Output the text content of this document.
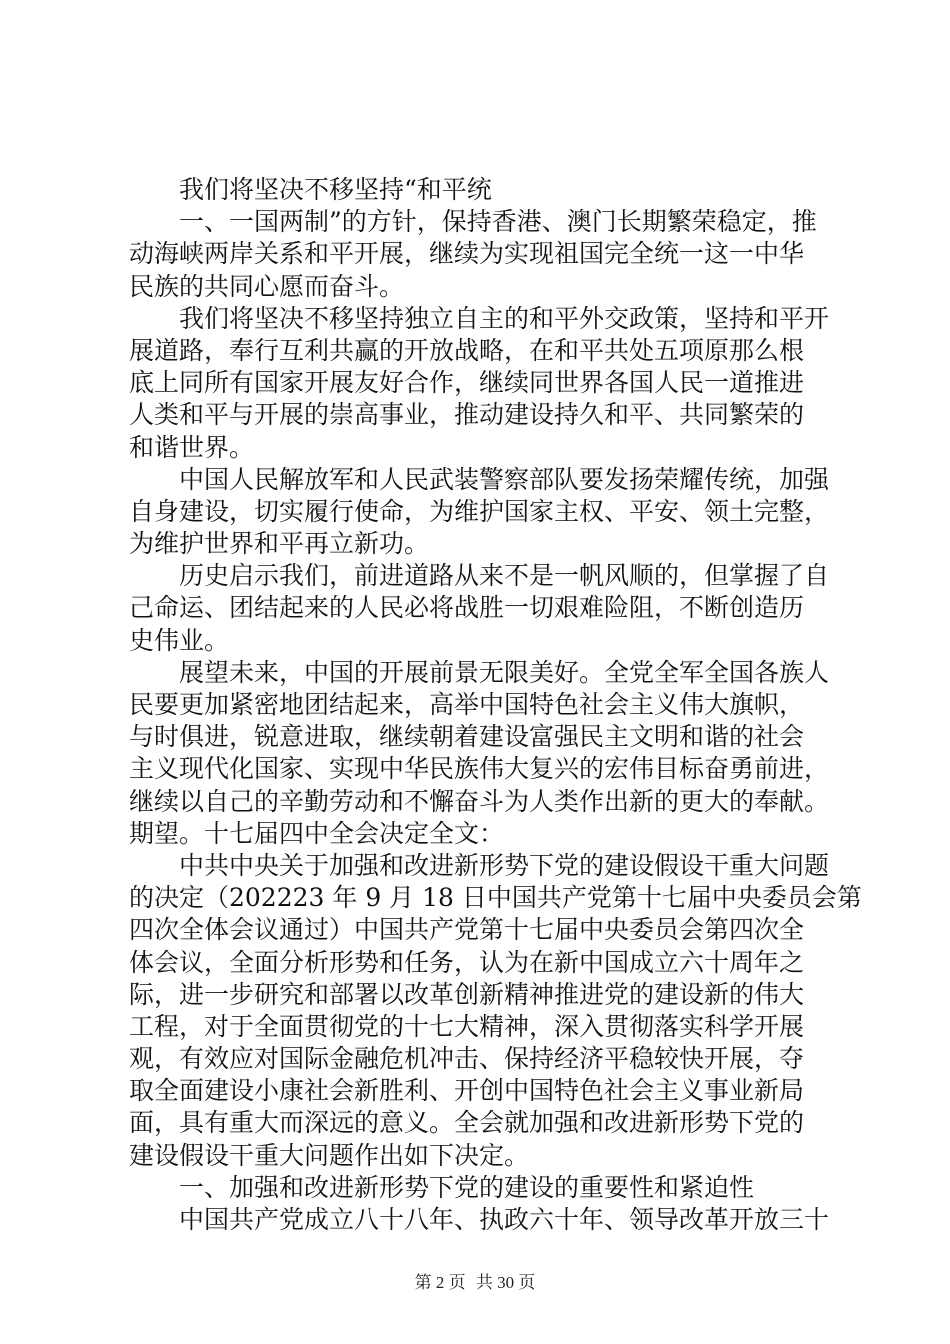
我们将坚决不移坚持“和平统
一、一国两制”的方针，保持香港、澳门长期繁荣稳定，推
动海峡两岸关系和平开展，继续为实现祖国完全统一这一中华
民族的共同心愿而奋斗。
我们将坚决不移坚持独立自主的和平外交政策，坚持和平开
展道路，奉行互利共赢的开放战略，在和平共处五项原那么根
底上同所有国家开展友好合作，继续同世界各国人民一道推进
人类和平与开展的崇高事业，推动建设持久和平、共同繁荣的
和谐世界。
中国人民解放军和人民武装警察部队要发扬荣耀传统，加强
自身建设，切实履行使命，为维护国家主权、平安、领土完整，
为维护世界和平再立新功。
历史启示我们，前进道路从来不是一帆风顺的，但掌握了自
己命运、团结起来的人民必将战胜一切艰难险阻，不断创造历
史伟业。
展望未来，中国的开展前景无限美好。全党全军全国各族人
民要更加紧密地团结起来，高举中国特色社会主义伟大旗帜，
与时俱进，锐意进取，继续朝着建设富强民主文明和谐的社会
主义现代化国家、实现中华民族伟大复兴的宏伟目标奋勇前进，
继续以自己的辛勤劳动和不懈奋斗为人类作出新的更大的奉献。
期望。十七届四中全会决定全文：
中共中央关于加强和改进新形势下党的建设假设干重大问题
的决定（202223 年 9 月 18 日中国共产党第十七届中央委员会第
四次全体会议通过）中国共产党第十七届中央委员会第四次全
体会议，全面分析形势和任务，认为在新中国成立六十周年之
际，进一步研究和部署以改革创新精神推进党的建设新的伟大
工程，对于全面贯彻党的十七大精神，深入贯彻落实科学开展
观，有效应对国际金融危机冲击、保持经济平稳较快开展，夺
取全面建设小康社会新胜利、开创中国特色社会主义事业新局
面，具有重大而深远的意义。全会就加强和改进新形势下党的
建设假设干重大问题作出如下决定。
一、加强和改进新形势下党的建设的重要性和紧迫性
中国共产党成立八十八年、执政六十年、领导改革开放三十
第 2 页 共 30 页
